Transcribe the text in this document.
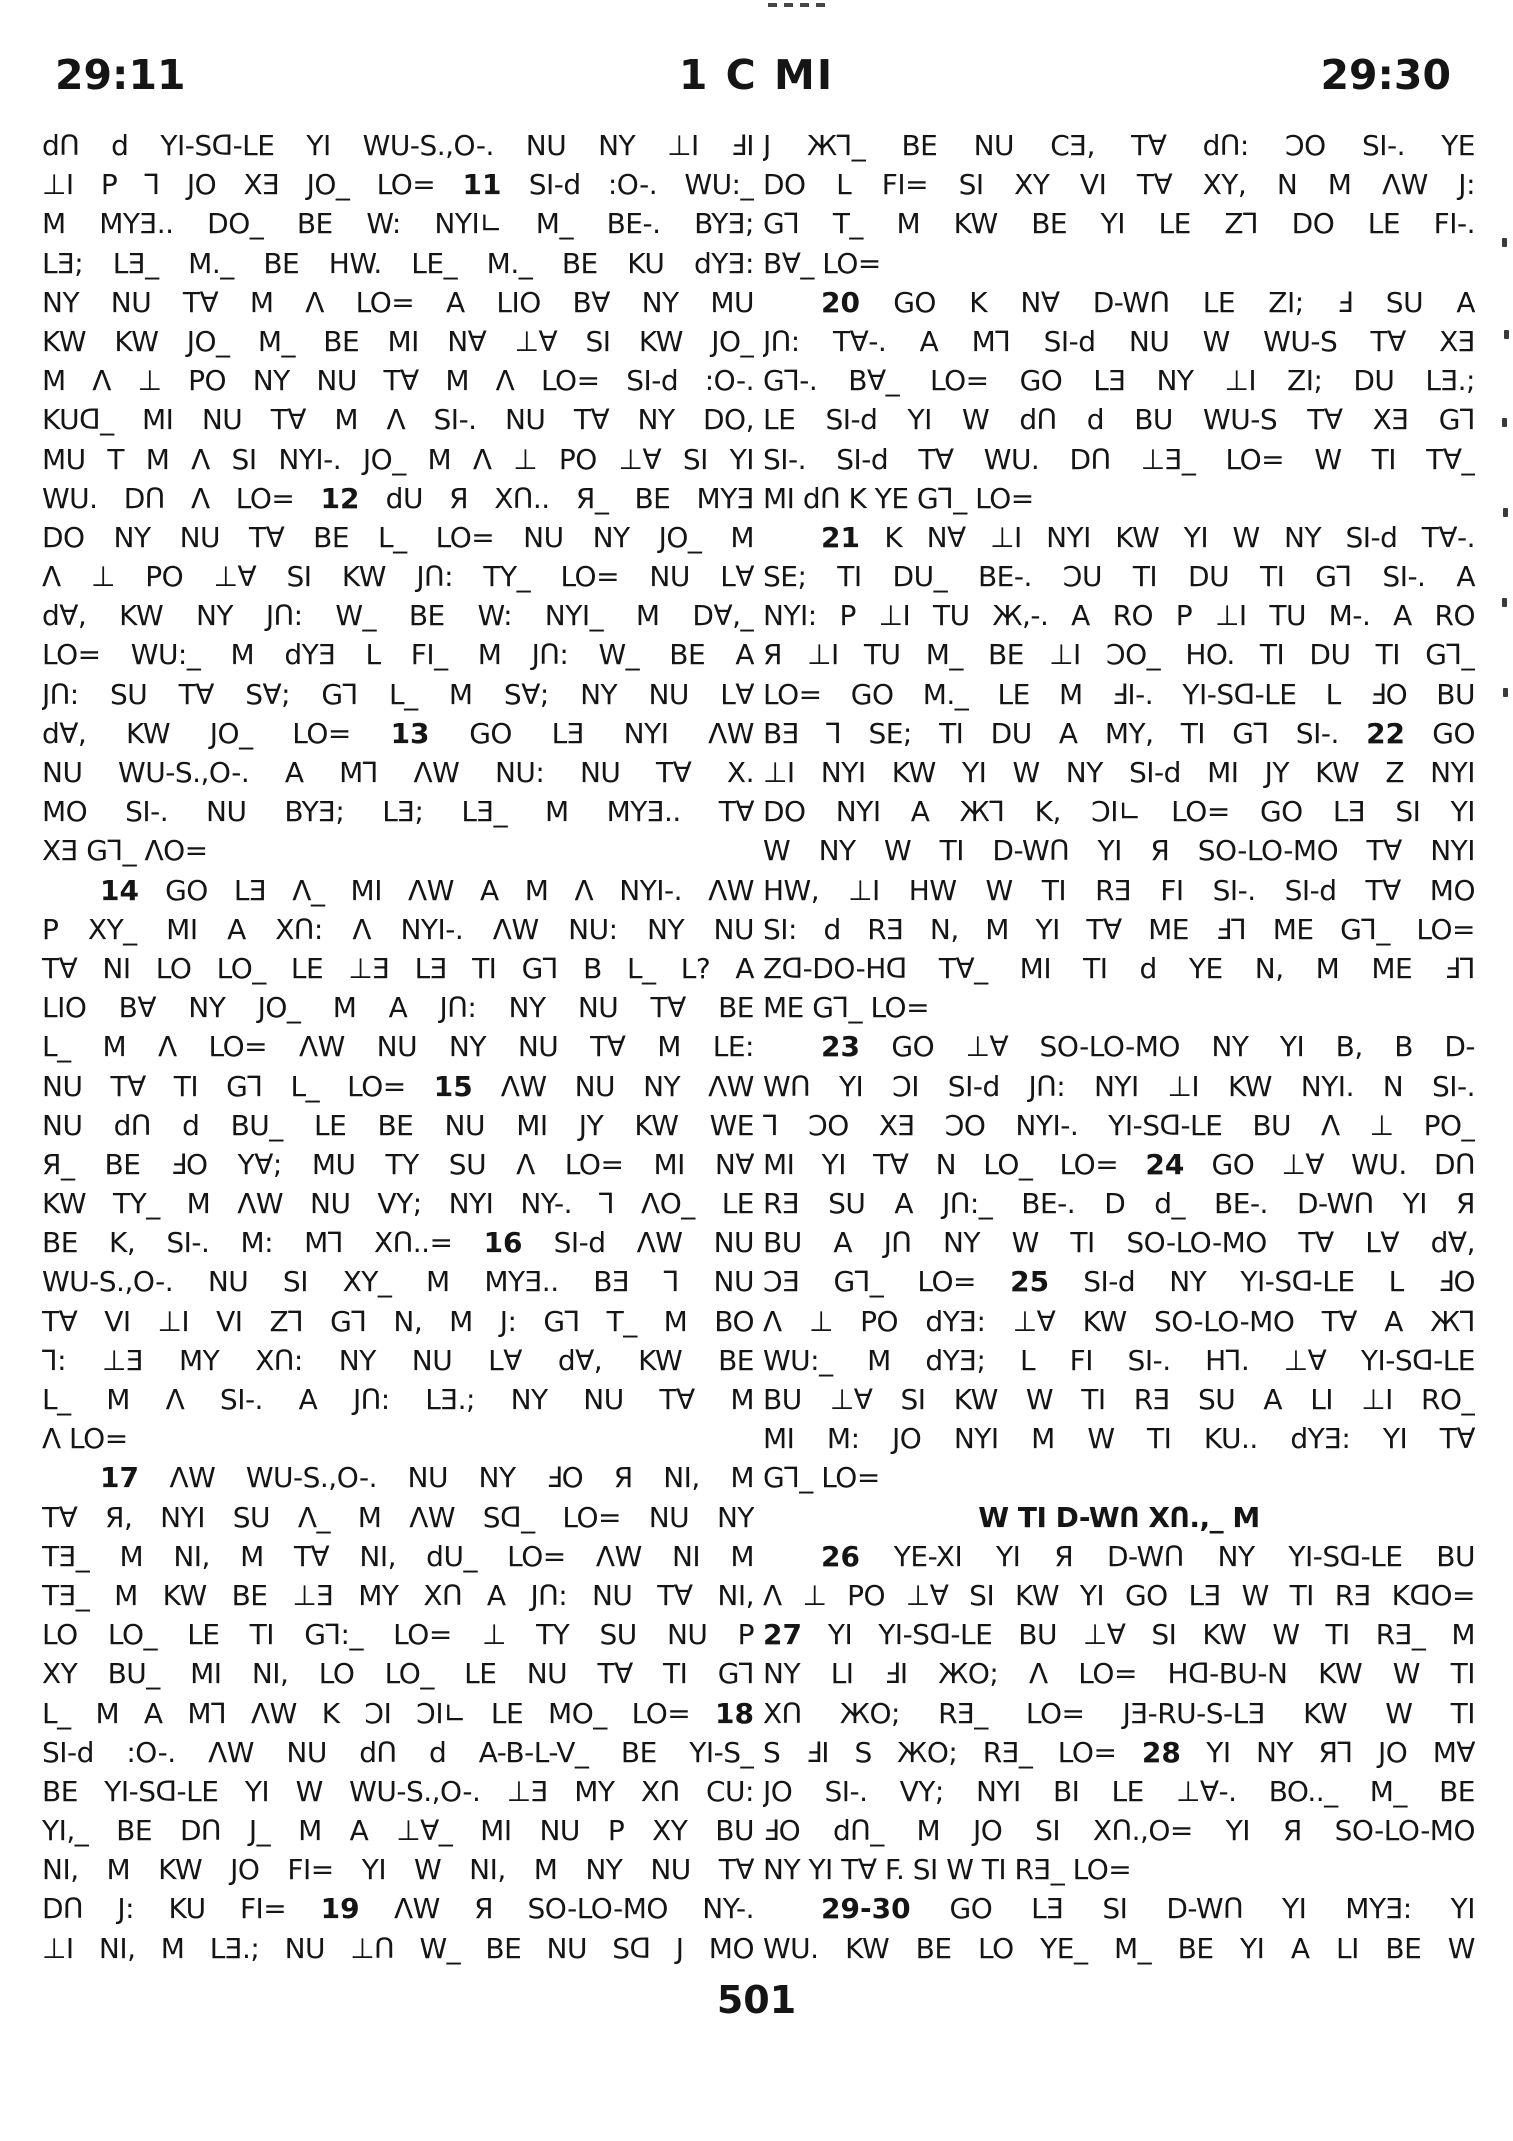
29:11	1 C MI	29:30
dՈ d YI-Sᗡ-LE YI WU-S.,O-. NU NY ⊥I ℲI
⊥I P ⅂ JO XƎ JO_ LO= 11 SI-d :O-. WU:_
M MYƎ.. DO_ BE W: NYI∟ M_ BE-. BYƎ;
LƎ; LƎ_ M._ BE HW. LE_ M._ BE KU dYƎ:
NY NU T∀ M Λ LO= A LIO B∀ NY MU
KW KW JO_ M_ BE MI N∀ ⊥∀ SI KW JO_
M Λ ⊥ PO NY NU T∀ M Λ LO= SI-d :O-.
KUᗡ_ MI NU T∀ M Λ SI-. NU T∀ NY DO,
MU T M Λ SI NYI-. JO_ M Λ ⊥ PO ⊥∀ SI YI
WU. DՈ Λ LO= 12 dU Я XՈ.. Я_ BE MYƎ
DO NY NU T∀ BE L_ LO= NU NY JO_ M
Λ ⊥ PO ⊥∀ SI KW JՈ: TY_ LO= NU L∀
d∀, KW NY JՈ: W_ BE W: NYI_ M D∀,_
LO= WU:_ M dYƎ L FI_ M JՈ: W_ BE A
JՈ: SU T∀ S∀; G⅂ L_ M S∀; NY NU L∀
d∀, KW JO_ LO= 13 GO LƎ NYI ΛW
NU WU-S.,O-. A M⅂ ΛW NU: NU T∀ X.
MO SI-. NU BYƎ; LƎ; LƎ_ M MYƎ.. T∀
XƎ G⅂_ ΛO=
14 GO LƎ Λ_ MI ΛW A M Λ NYI-. ΛW
P XY_ MI A XՈ: Λ NYI-. ΛW NU: NY NU
T∀ NI LO LO_ LE ⊥Ǝ LƎ TI G⅂ B L_ L? A
LIO B∀ NY JO_ M A JՈ: NY NU T∀ BE
L_ M Λ LO= ΛW NU NY NU T∀ M LE:
NU T∀ TI G⅂ L_ LO= 15 ΛW NU NY ΛW
NU dՈ d BU_ LE BE NU MI JY KW WE
Я_ BE ℲO Y∀; MU TY SU Λ LO= MI N∀
KW TY_ M ΛW NU VY; NYI NY-. ⅂ ΛO_ LE
BE K, SI-. M: M⅂ XՈ..= 16 SI-d ΛW NU
WU-S.,O-. NU SI XY_ M MYƎ.. BƎ ⅂ NU
T∀ VI ⊥I VI Z⅂ G⅂ N, M J: G⅂ T_ M BO
⅂: ⊥Ǝ MY XՈ: NY NU L∀ d∀, KW BE
L_ M Λ SI-. A JՈ: LƎ.; NY NU T∀ M
Λ LO=
17 ΛW WU-S.,O-. NU NY ℲO Я NI, M
T∀ Я, NYI SU Λ_ M ΛW Sᗡ_ LO= NU NY
TƎ_ M NI, M T∀ NI, dU_ LO= ΛW NI M
TƎ_ M KW BE ⊥Ǝ MY XՈ A JՈ: NU T∀ NI,
LO LO_ LE TI G⅂:_ LO= ⊥ TY SU NU P
XY BU_ MI NI, LO LO_ LE NU T∀ TI G⅂
L_ M A M⅂ ΛW K ƆI ƆI∟ LE MO_ LO= 18
SI-d :O-. ΛW NU dՈ d A-B-L-V_ BE YI-S_
BE YI-Sᗡ-LE YI W WU-S.,O-. ⊥Ǝ MY XՈ CU:
YI,_ BE DՈ J_ M A ⊥∀_ MI NU P XY BU
NI, M KW JO FI= YI W NI, M NY NU T∀
DՈ J: KU FI= 19 ΛW Я SO-LO-MO NY-.
⊥I NI, M LƎ.; NU ⊥Ո W_ BE NU Sᗡ J MO
J Ж⅂_ BE NU CƎ, T∀ dՈ: ƆO SI-. YE
DO L FI= SI XY VI T∀ XY, N M ΛW J:
G⅂ T_ M KW BE YI LE Z⅂ DO LE FI-.
B∀_ LO=
20 GO K N∀ D-WՈ LE ZI; Ⅎ SU A
JՈ: T∀-. A M⅂ SI-d NU W WU-S T∀ XƎ
G⅂-. B∀_ LO= GO LƎ NY ⊥I ZI; DU LƎ.;
LE SI-d YI W dՈ d BU WU-S T∀ XƎ G⅂
SI-. SI-d T∀ WU. DՈ ⊥Ǝ_ LO= W TI T∀_
MI dՈ K YE G⅂_ LO=
21 K N∀ ⊥I NYI KW YI W NY SI-d T∀-.
SE; TI DU_ BE-. ƆU TI DU TI G⅂ SI-. A
NYI: P ⊥I TU Ж,-. A RO P ⊥I TU M-. A RO
Я ⊥I TU M_ BE ⊥I ƆO_ HO. TI DU TI G⅂_
LO= GO M._ LE M ℲI-. YI-Sᗡ-LE L ℲO BU
BƎ ⅂ SE; TI DU A MY, TI G⅂ SI-. 22 GO
⊥I NYI KW YI W NY SI-d MI JY KW Z NYI
DO NYI A Ж⅂ K, ƆI∟ LO= GO LƎ SI YI
W NY W TI D-WՈ YI Я SO-LO-MO T∀ NYI
HW, ⊥I HW W TI RƎ FI SI-. SI-d T∀ MO
SI: d RƎ N, M YI T∀ ME Ⅎ⅂ ME G⅂_ LO=
Zᗡ-DO-Hᗡ T∀_ MI TI d YE N, M ME Ⅎ⅂
ME G⅂_ LO=
23 GO ⊥∀ SO-LO-MO NY YI B, B D-
WՈ YI ƆI SI-d JՈ: NYI ⊥I KW NYI. N SI-.
⅂ ƆO XƎ ƆO NYI-. YI-Sᗡ-LE BU Λ ⊥ PO_
MI YI T∀ N LO_ LO= 24 GO ⊥∀ WU. DՈ
RƎ SU A JՈ:_ BE-. D d_ BE-. D-WՈ YI Я
BU A JՈ NY W TI SO-LO-MO T∀ L∀ d∀,
ƆƎ G⅂_ LO= 25 SI-d NY YI-Sᗡ-LE L ℲO
Λ ⊥ PO dYƎ: ⊥∀ KW SO-LO-MO T∀ A Ж⅂
WU:_ M dYƎ; L FI SI-. H⅂. ⊥∀ YI-Sᗡ-LE
BU ⊥∀ SI KW W TI RƎ SU A LI ⊥I RO_
MI M: JO NYI M W TI KU.. dYƎ: YI T∀
G⅂_ LO=
W TI D-WՈ XՈ.,_ M
26 YE-XI YI Я D-WՈ NY YI-Sᗡ-LE BU
Λ ⊥ PO ⊥∀ SI KW YI GO LƎ W TI RƎ KᗡO=
27 YI YI-Sᗡ-LE BU ⊥∀ SI KW W TI RƎ_ M
NY LI ℲI ЖO; Λ LO= Hᗡ-BU-N KW W TI
XՈ ЖO; RƎ_ LO= JƎ-RU-S-LƎ KW W TI
S ℲI S ЖO; RƎ_ LO= 28 YI NY Я⅂ JO M∀
JO SI-. VY; NYI BI LE ⊥∀-. BO.._ M_ BE
ℲO dՈ_ M JO SI XՈ.,O= YI Я SO-LO-MO
NY YI T∀ F. SI W TI RƎ_ LO=
29-30 GO LƎ SI D-WՈ YI MYƎ: YI
WU. KW BE LO YE_ M_ BE YI A LI BE W
501
